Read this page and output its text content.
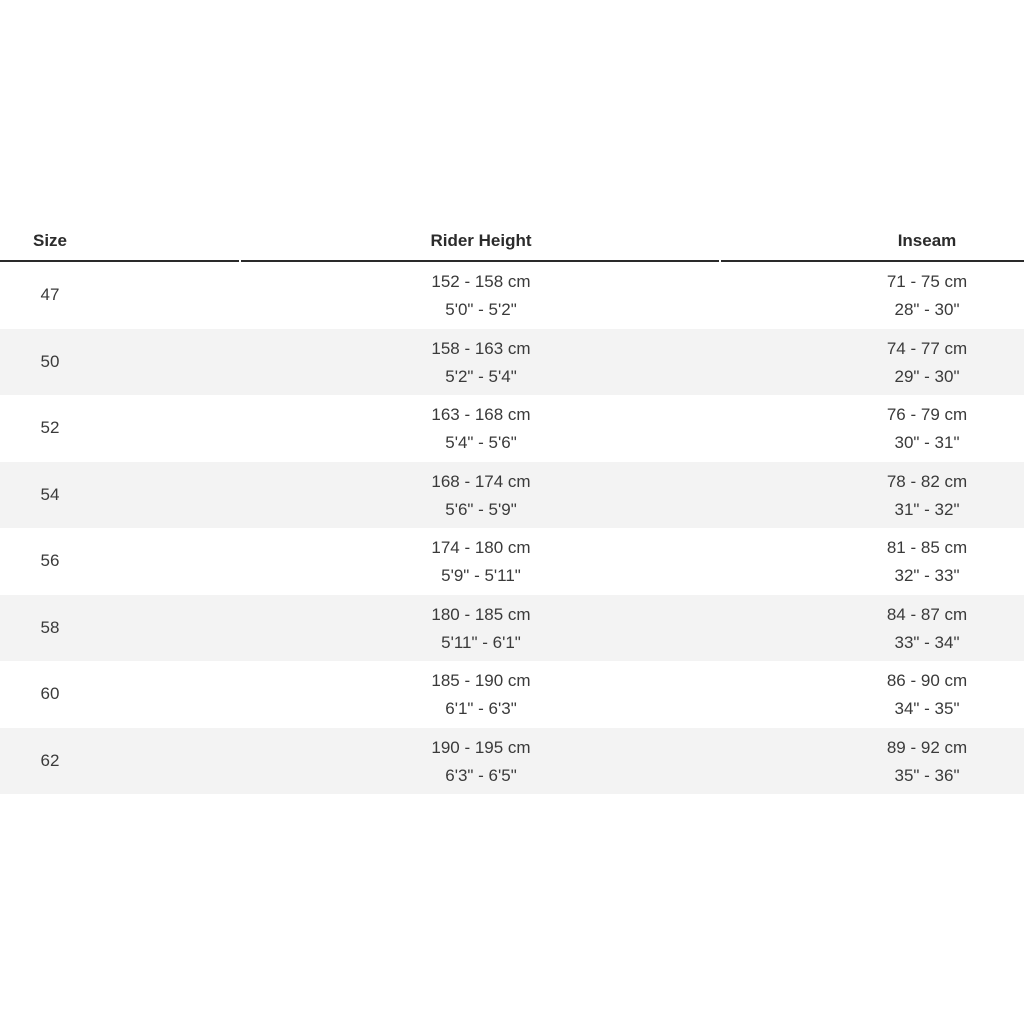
Size	Rider Height	Inseam
47
152 - 158 cm
5'0" - 5'2"
71 - 75 cm
28" - 30"
50
158 - 163 cm
5'2" - 5'4"
74 - 77 cm
29" - 30"
52
163 - 168 cm
5'4" - 5'6"
76 - 79 cm
30" - 31"
54
168 - 174 cm
5'6" - 5'9"
78 - 82 cm
31" - 32"
56
174 - 180 cm
5'9" - 5'11"
81 - 85 cm
32" - 33"
58
180 - 185 cm
5'11" - 6'1"
84 - 87 cm
33" - 34"
60
185 - 190 cm
6'1" - 6'3"
86 - 90 cm
34" - 35"
62
190 - 195 cm
6'3" - 6'5"
89 - 92 cm
35" - 36"
